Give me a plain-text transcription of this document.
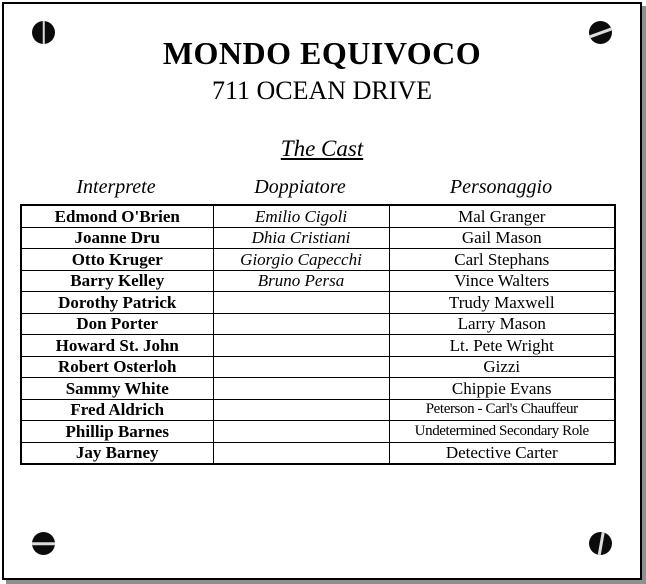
MONDO EQUIVOCO
711 OCEAN DRIVE
The Cast
Interprete	Doppiatore	Personaggio
Edmond O'Brien	Emilio Cigoli	Mal Granger
Joanne Dru	Dhia Cristiani	Gail Mason
Otto Kruger	Giorgio Capecchi	Carl Stephans
Barry Kelley	Bruno Persa	Vince Walters
Dorothy Patrick		Trudy Maxwell
Don Porter		Larry Mason
Howard St. John		Lt. Pete Wright
Robert Osterloh		Gizzi
Sammy White		Chippie Evans
Fred Aldrich		Peterson - Carl's Chauffeur
Phillip Barnes		Undetermined Secondary Role
Jay Barney		Detective Carter
